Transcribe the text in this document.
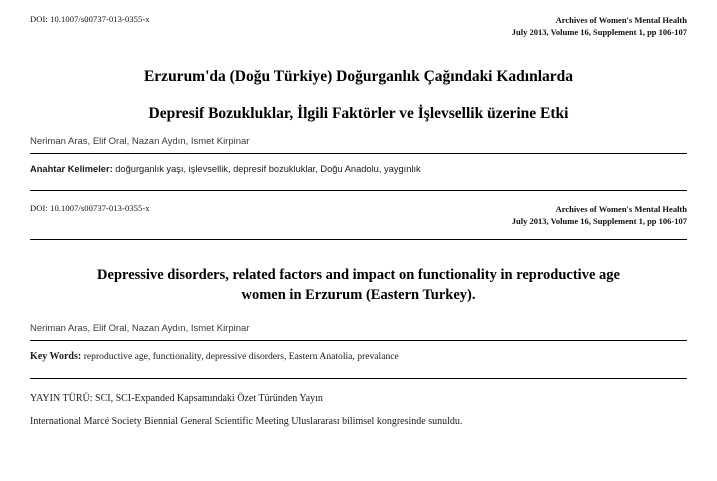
DOI: 10.1007/s00737-013-0355-x	Archives of Women's Mental Health
July 2013, Volume 16, Supplement 1, pp 106-107
Erzurum'da (Doğu Türkiye) Doğurganlık Çağındaki Kadınlarda
Depresif Bozukluklar, İlgili Faktörler ve İşlevsellik üzerine Etki
Neriman Aras, Elif Oral, Nazan Aydın, Ismet Kirpinar
Anahtar Kelimeler: doğurganlık yaşı, işlevsellik, depresif bozukluklar, Doğu Anadolu, yaygınlık
DOI: 10.1007/s00737-013-0355-x	Archives of Women's Mental Health
July 2013, Volume 16, Supplement 1, pp 106-107
Depressive disorders, related factors and impact on functionality in reproductive age
women in Erzurum (Eastern Turkey).
Neriman Aras, Elif Oral, Nazan Aydın, Ismet Kirpinar
Key Words: reproductive age, functionality, depressive disorders, Eastern Anatolia, prevalance
YAYIN TÜRÜ: SCI, SCI-Expanded Kapsamındaki Özet Türünden Yayın
International Marcé Society Biennial General Scientific Meeting Uluslararası bilimsel kongresinde sunuldu.
